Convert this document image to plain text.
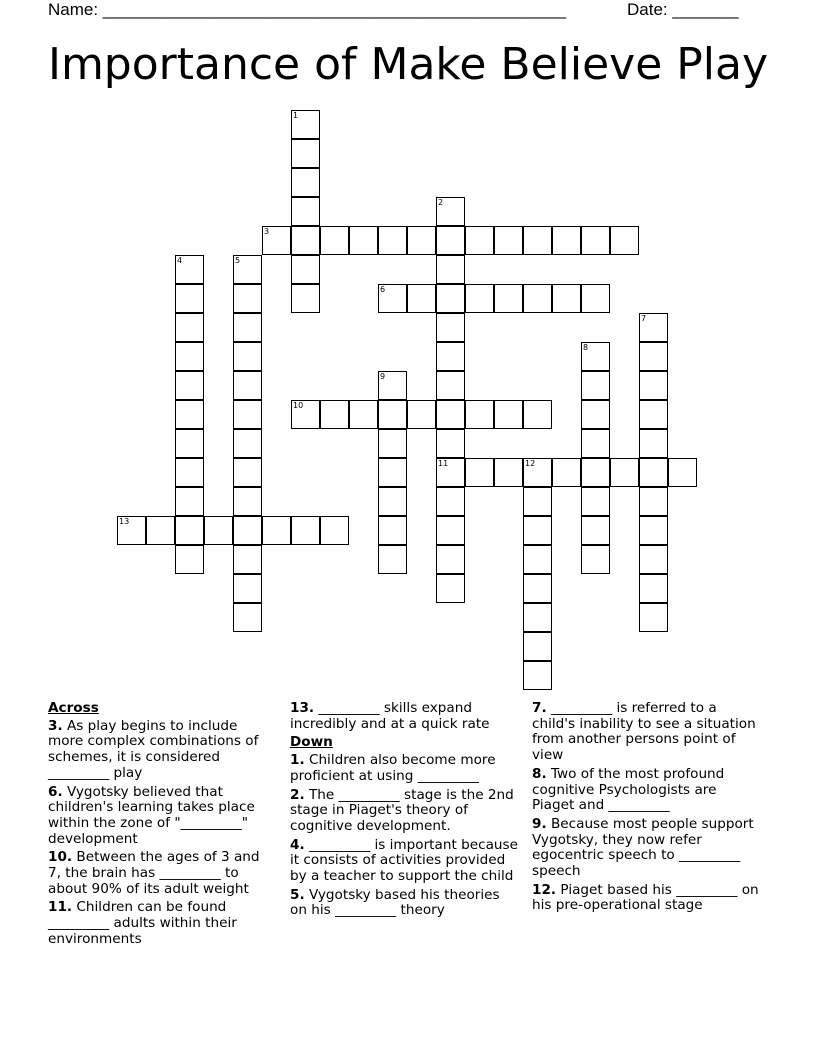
Name: _________________________________________________	Date: _______
Importance of Make Believe Play
1
2
11
3
4	5
6
7
8
9
10
12
13
Across
3. As play begins to include more complex combinations of schemes, it is considered _________ play
6. Vygotsky believed that children's learning takes place within the zone of "_________" development
10. Between the ages of 3 and 7, the brain has _________ to about 90% of its adult weight
11. Children can be found _________ adults within their environments
13. _________ skills expand incredibly and at a quick rate
Down
1. Children also become more proficient at using _________
2. The _________ stage is the 2nd stage in Piaget's theory of cognitive development.
4. _________ is important because it consists of activities provided by a teacher to support the child
5. Vygotsky based his theories on his _________ theory
7. _________ is referred to a child's inability to see a situation from another persons point of view
8. Two of the most profound cognitive Psychologists are Piaget and _________
9. Because most people support Vygotsky, they now refer egocentric speech to _________ speech
12. Piaget based his _________ on his pre-operational stage
